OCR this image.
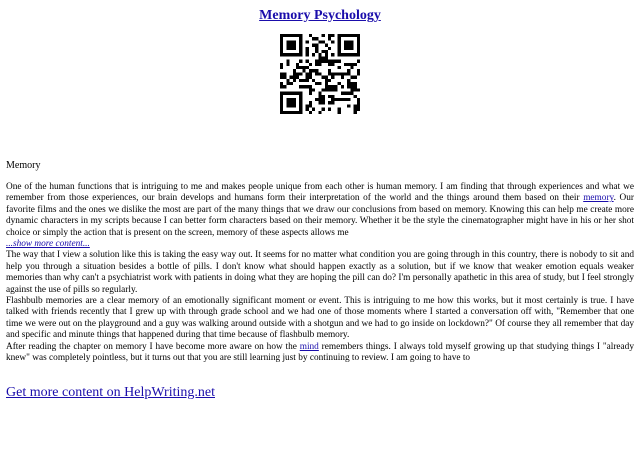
Memory Psychology
Memory

One of the human functions that is intriguing to me and makes people unique from each other is human memory. I am finding that through experiences and what we remember from those experiences, our brain develops and humans form their interpretation of the world and the things around them based on their memory. Our favorite films and the ones we dislike the most are part of the many things that we draw our conclusions from based on memory. Knowing this can help me create more dynamic characters in my scripts because I can better form characters based on their memory. Whether it be the style the cinematographer might have in his or her shot choice or simply the action that is present on the screen, memory of these aspects allows me

...show more content...

The way that I view a solution like this is taking the easy way out. It seems for no matter what condition you are going through in this country, there is nobody to sit and help you through a situation besides a bottle of pills. I don't know what should happen exactly as a solution, but if we know that weaker emotion equals weaker memories than why can't a psychiatrist work with patients in doing what they are hoping the pill can do? I'm personally apathetic in this area of study, but I feel strongly against the use of pills so regularly.

Flashbulb memories are a clear memory of an emotionally significant moment or event. This is intriguing to me how this works, but it most certainly is true. I have talked with friends recently that I grew up with through grade school and we had one of those moments where I started a conversation off with, "Remember that one time we were out on the playground and a guy was walking around outside with a shotgun and we had to go inside on lockdown?" Of course they all remember that day and specific and minute things that happened during that time because of flashbulb memory.

After reading the chapter on memory I have become more aware on how the mind remembers things. I always told myself growing up that studying things I "already knew" was completely pointless, but it turns out that you are still learning just by continuing to review. I am going to have to

Get more content on HelpWriting.net
